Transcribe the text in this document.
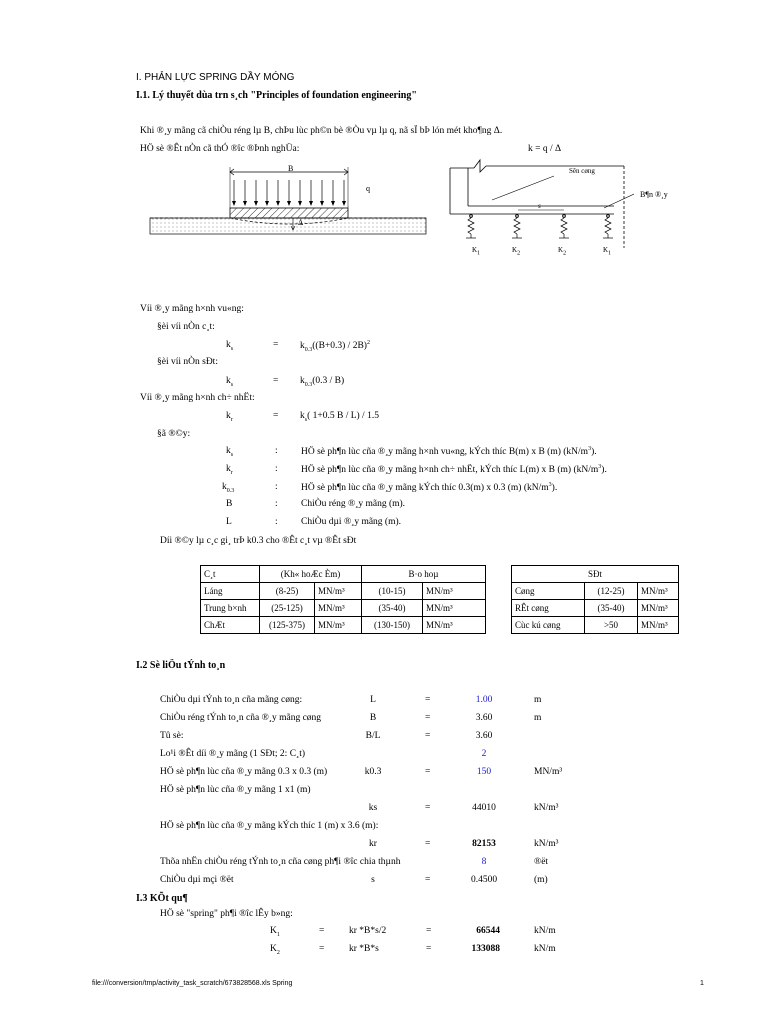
I. PHẢN LỰC SPRING DẦY MÓNG
I.1. Lý thuyết dùa trn s¸ch "Principles of foundation engineering"
Khi ®¸y mãng cã chiÒu réng lµ B, chÞu lùc ph©n bè ®Òu vµ lµ q, nã sÏ bÞ lón mét kho¶ng Δ.
HÖ sè ®Êt nÒn cã thÓ ®îc ®Þnh nghÜa:	k = q / Δ
B
q
Δ
Sên cøng
B¶n ®¸y
s
$K_1$	$K_2$	$K_2$	$K_1$
Víi ®¸y mãng h×nh vu«ng:
§èi víi nÒn c¸t:
$k_s$	= $k_{0.3}((B+0.3) / 2B)^2$
§èi víi nÒn sÐt:
$k_s$	= $k_{0.3}(0.3 / B)$
Víi ®¸y mãng h×nh ch÷ nhËt:
$k_r$	= $k_s$( 1+0.5 B / L) / 1.5
§ã ®©y:
$k_s$	: HÖ sè ph¶n lùc cña ®¸y mãng h×nh vu«ng, kÝch thíc B(m) x B (m) $(kN/m^3)$.
$k_r$	: HÖ sè ph¶n lùc cña ®¸y mãng h×nh ch÷ nhËt, kÝch thíc L(m) x B (m) $(kN/m^3)$.
$k_{0.3}$	: HÖ sè ph¶n lùc cña ®¸y mãng kÝch thíc 0.3(m) x 0.3 (m) $(kN/m^3)$.
B	: ChiÒu réng ®¸y mãng (m).
L	: ChiÒu dµi ®¸y mãng (m).
Díi ®©y lµ c¸c gi¸ trÞ k0.3 cho ®Êt c¸t vµ ®Êt sÐt
C¸t	(Kh« hoÆc Èm)		B·o hoµ	
Láng	(8-25)	MN/m³	(10-15)	MN/m³
Trung b×nh	(25-125)	MN/m³	(35-40)	MN/m³
ChÆt	(125-375)	MN/m³	(130-150)	MN/m³
SÐt		
Cøng	(12-25)	MN/m³
RÊt cøng	(35-40)	MN/m³
Cùc kú cøng	>50	MN/m³
I.2 Sè liÖu tÝnh to¸n
ChiÒu dµi tÝnh to¸n cña mãng cøng:	L	=	1.00	m
ChiÒu réng tÝnh to¸n cña ®¸y mãng cøng	B	=	3.60	m
Tû sè:	B/L	=	3.60
Lo¹i ®Êt díi ®¸y mãng (1 SÐt; 2: C¸t)	2
HÖ sè ph¶n lùc cña ®¸y mãng 0.3 x 0.3 (m)	k0.3	=	150	MN/m³
HÖ sè ph¶n lùc cña ®¸y mãng 1 x1 (m)
ks	=	44010	kN/m³
HÖ sè ph¶n lùc cña ®¸y mãng kÝch thíc 1 (m) x 3.6 (m):
kr	=	82153	kN/m³
Thõa nhËn chiÒu réng tÝnh to¸n cña cøng ph¶i ®îc chia thµnh	8	®ët
ChiÒu dµi mçi ®ët	s	=	0.4500	(m)
I.3 KÕt qu¶
HÖ sè "spring" ph¶i ®îc lÊy b»ng:
$K_1$	=	kr *B*s/2	=	66544	kN/m
$K_2$	=	kr *B*s	=	133088	kN/m
file:///conversion/tmp/activity_task_scratch/673828568.xls Spring	1
